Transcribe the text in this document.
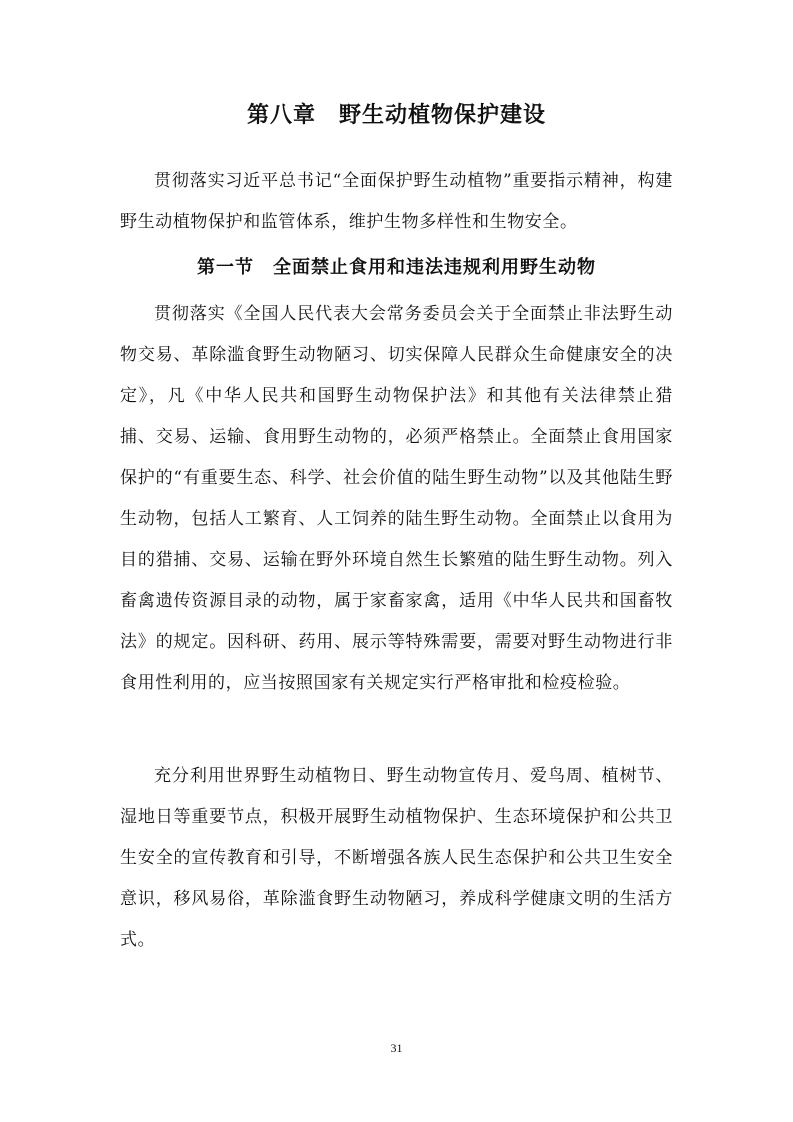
第八章　野生动植物保护建设

贯彻落实习近平总书记“全面保护野生动植物”重要指示精神，构建野生动植物保护和监管体系，维护生物多样性和生物安全。

第一节　全面禁止食用和违法违规利用野生动物

贯彻落实《全国人民代表大会常务委员会关于全面禁止非法野生动物交易、革除滥食野生动物陋习、切实保障人民群众生命健康安全的决定》，凡《中华人民共和国野生动物保护法》和其他有关法律禁止猎捕、交易、运输、食用野生动物的，必须严格禁止。全面禁止食用国家保护的“有重要生态、科学、社会价值的陆生野生动物”以及其他陆生野生动物，包括人工繁育、人工饲养的陆生野生动物。全面禁止以食用为目的猎捕、交易、运输在野外环境自然生长繁殖的陆生野生动物。列入畜禽遗传资源目录的动物，属于家畜家禽，适用《中华人民共和国畜牧法》的规定。因科研、药用、展示等特殊需要，需要对野生动物进行非食用性利用的，应当按照国家有关规定实行严格审批和检疫检验。

充分利用世界野生动植物日、野生动物宣传月、爱鸟周、植树节、湿地日等重要节点，积极开展野生动植物保护、生态环境保护和公共卫生安全的宣传教育和引导，不断增强各族人民生态保护和公共卫生安全意识，移风易俗，革除滥食野生动物陋习，养成科学健康文明的生活方式。

31
